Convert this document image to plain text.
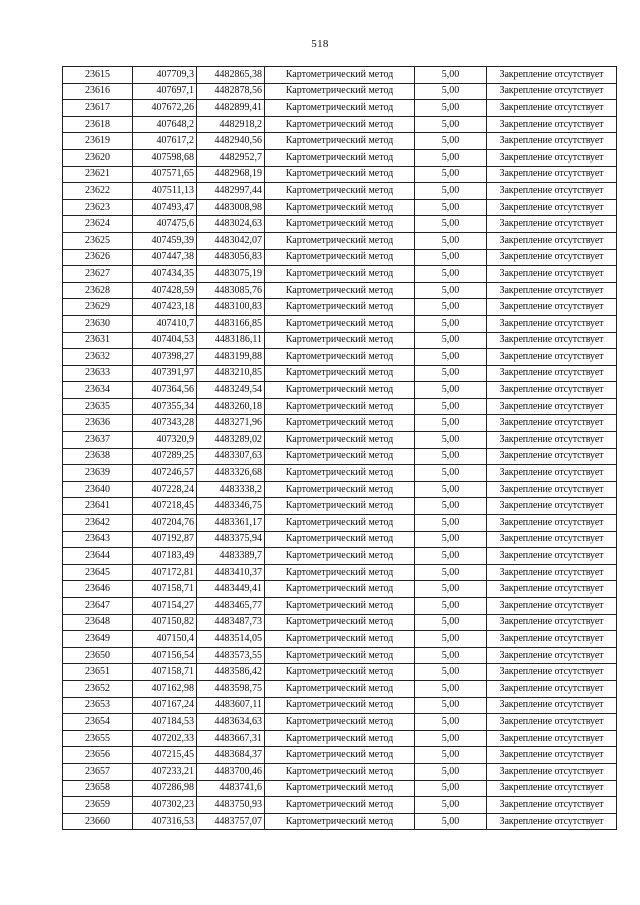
518
23615	407709,3	4482865,38	Картометрический метод	5,00	Закрепление отсутствует
23616	407697,1	4482878,56	Картометрический метод	5,00	Закрепление отсутствует
23617	407672,26	4482899,41	Картометрический метод	5,00	Закрепление отсутствует
23618	407648,2	4482918,2	Картометрический метод	5,00	Закрепление отсутствует
23619	407617,2	4482940,56	Картометрический метод	5,00	Закрепление отсутствует
23620	407598,68	4482952,7	Картометрический метод	5,00	Закрепление отсутствует
23621	407571,65	4482968,19	Картометрический метод	5,00	Закрепление отсутствует
23622	407511,13	4482997,44	Картометрический метод	5,00	Закрепление отсутствует
23623	407493,47	4483008,98	Картометрический метод	5,00	Закрепление отсутствует
23624	407475,6	4483024,63	Картометрический метод	5,00	Закрепление отсутствует
23625	407459,39	4483042,07	Картометрический метод	5,00	Закрепление отсутствует
23626	407447,38	4483056,83	Картометрический метод	5,00	Закрепление отсутствует
23627	407434,35	4483075,19	Картометрический метод	5,00	Закрепление отсутствует
23628	407428,59	4483085,76	Картометрический метод	5,00	Закрепление отсутствует
23629	407423,18	4483100,83	Картометрический метод	5,00	Закрепление отсутствует
23630	407410,7	4483166,85	Картометрический метод	5,00	Закрепление отсутствует
23631	407404,53	4483186,11	Картометрический метод	5,00	Закрепление отсутствует
23632	407398,27	4483199,88	Картометрический метод	5,00	Закрепление отсутствует
23633	407391,97	4483210,85	Картометрический метод	5,00	Закрепление отсутствует
23634	407364,56	4483249,54	Картометрический метод	5,00	Закрепление отсутствует
23635	407355,34	4483260,18	Картометрический метод	5,00	Закрепление отсутствует
23636	407343,28	4483271,96	Картометрический метод	5,00	Закрепление отсутствует
23637	407320,9	4483289,02	Картометрический метод	5,00	Закрепление отсутствует
23638	407289,25	4483307,63	Картометрический метод	5,00	Закрепление отсутствует
23639	407246,57	4483326,68	Картометрический метод	5,00	Закрепление отсутствует
23640	407228,24	4483338,2	Картометрический метод	5,00	Закрепление отсутствует
23641	407218,45	4483346,75	Картометрический метод	5,00	Закрепление отсутствует
23642	407204,76	4483361,17	Картометрический метод	5,00	Закрепление отсутствует
23643	407192,87	4483375,94	Картометрический метод	5,00	Закрепление отсутствует
23644	407183,49	4483389,7	Картометрический метод	5,00	Закрепление отсутствует
23645	407172,81	4483410,37	Картометрический метод	5,00	Закрепление отсутствует
23646	407158,71	4483449,41	Картометрический метод	5,00	Закрепление отсутствует
23647	407154,27	4483465,77	Картометрический метод	5,00	Закрепление отсутствует
23648	407150,82	4483487,73	Картометрический метод	5,00	Закрепление отсутствует
23649	407150,4	4483514,05	Картометрический метод	5,00	Закрепление отсутствует
23650	407156,54	4483573,55	Картометрический метод	5,00	Закрепление отсутствует
23651	407158,71	4483586,42	Картометрический метод	5,00	Закрепление отсутствует
23652	407162,98	4483598,75	Картометрический метод	5,00	Закрепление отсутствует
23653	407167,24	4483607,11	Картометрический метод	5,00	Закрепление отсутствует
23654	407184,53	4483634,63	Картометрический метод	5,00	Закрепление отсутствует
23655	407202,33	4483667,31	Картометрический метод	5,00	Закрепление отсутствует
23656	407215,45	4483684,37	Картометрический метод	5,00	Закрепление отсутствует
23657	407233,21	4483700,46	Картометрический метод	5,00	Закрепление отсутствует
23658	407286,98	4483741,6	Картометрический метод	5,00	Закрепление отсутствует
23659	407302,23	4483750,93	Картометрический метод	5,00	Закрепление отсутствует
23660	407316,53	4483757,07	Картометрический метод	5,00	Закрепление отсутствует
